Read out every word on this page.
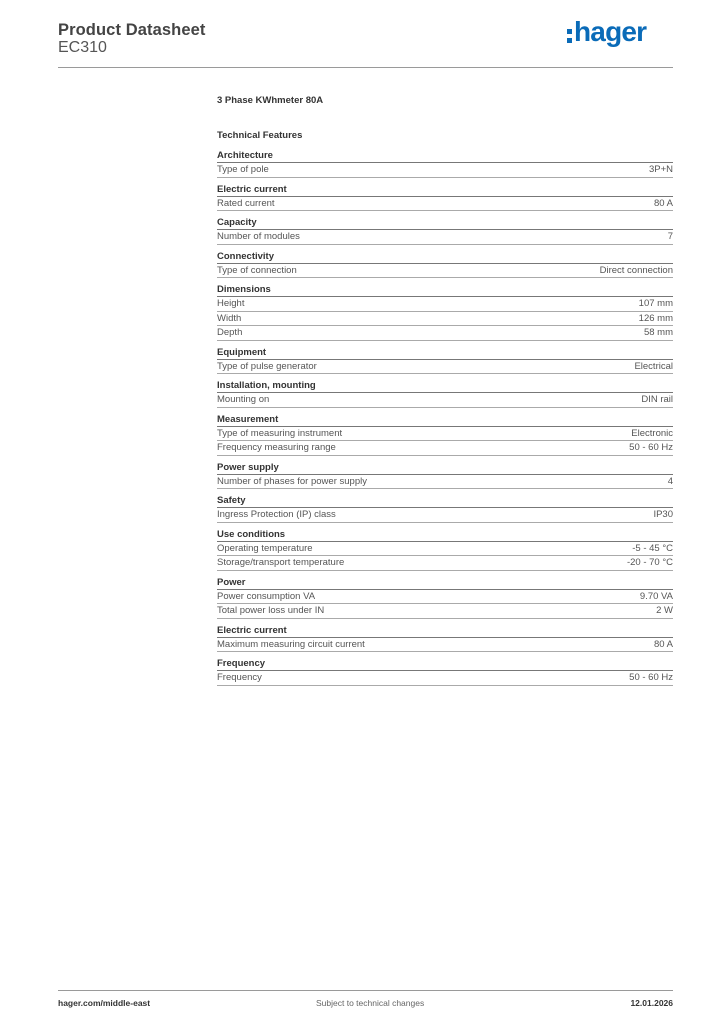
Product Datasheet
EC310
hager
3 Phase KWhmeter 80A
Technical Features
Architecture
Type of pole	3P+N
Electric current
Rated current	80 A
Capacity
Number of modules	7
Connectivity
Type of connection	Direct connection
Dimensions
Height	107 mm
Width	126 mm
Depth	58 mm
Equipment
Type of pulse generator	Electrical
Installation, mounting
Mounting on	DIN rail
Measurement
Type of measuring instrument	Electronic
Frequency measuring range	50 - 60 Hz
Power supply
Number of phases for power supply	4
Safety
Ingress Protection (IP) class	IP30
Use conditions
Operating temperature	-5 - 45 °C
Storage/transport temperature	-20 - 70 °C
Power
Power consumption VA	9.70 VA
Total power loss under IN	2 W
Electric current
Maximum measuring circuit current	80 A
Frequency
Frequency	50 - 60 Hz
hager.com/middle-east	Subject to technical changes	12.01.2026
